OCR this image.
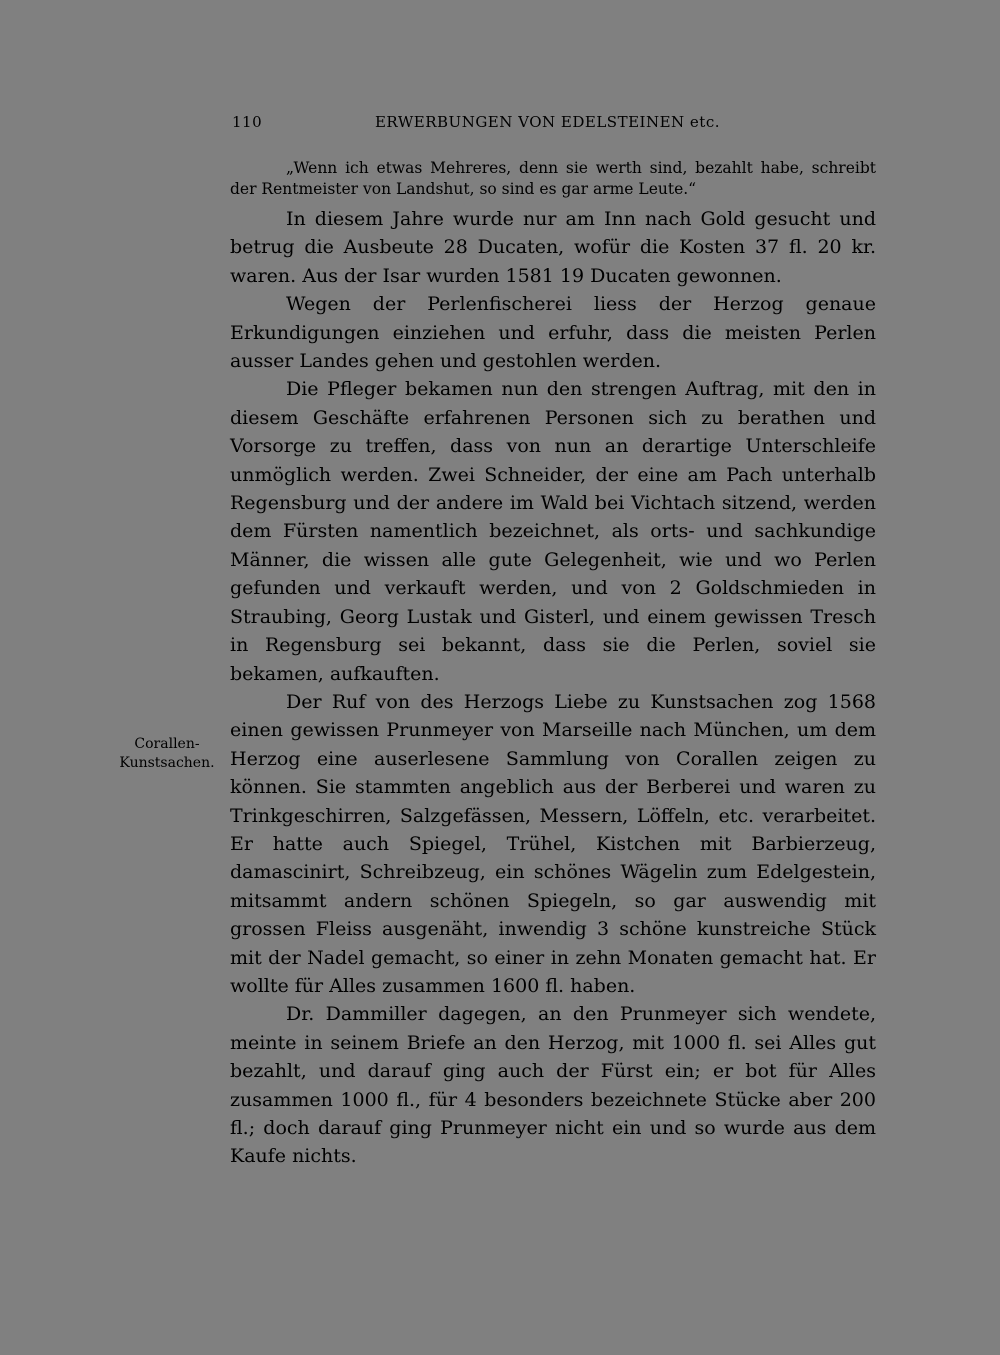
110	ERWERBUNGEN VON EDELSTEINEN etc.
Corallen-
Kunstsachen.

„Wenn ich etwas Mehreres, denn sie werth sind, bezahlt habe, schreibt der Rentmeister von Landshut, so sind es gar arme Leute.“

In diesem Jahre wurde nur am Inn nach Gold gesucht und betrug die Ausbeute 28 Ducaten, wofür die Kosten 37 fl. 20 kr. waren. Aus der Isar wurden 1581 19 Ducaten gewonnen.

Wegen der Perlenfischerei liess der Herzog genaue Erkundigungen einziehen und erfuhr, dass die meisten Perlen ausser Landes gehen und gestohlen werden.

Die Pfleger bekamen nun den strengen Auftrag, mit den in diesem Geschäfte erfahrenen Personen sich zu berathen und Vorsorge zu treffen, dass von nun an derartige Unterschleife unmöglich werden. Zwei Schneider, der eine am Pach unterhalb Regensburg und der andere im Wald bei Vichtach sitzend, werden dem Fürsten namentlich bezeichnet, als orts- und sachkundige Männer, die wissen alle gute Gelegenheit, wie und wo Perlen gefunden und verkauft werden, und von 2 Goldschmieden in Straubing, Georg Lustak und Gisterl, und einem gewissen Tresch in Regensburg sei bekannt, dass sie die Perlen, soviel sie bekamen, aufkauften.

Der Ruf von des Herzogs Liebe zu Kunstsachen zog 1568 einen gewissen Prunmeyer von Marseille nach München, um dem Herzog eine auserlesene Sammlung von Corallen zeigen zu können. Sie stammten angeblich aus der Berberei und waren zu Trinkgeschirren, Salzgefässen, Messern, Löffeln, etc. verarbeitet. Er hatte auch Spiegel, Trühel, Kistchen mit Barbierzeug, damascinirt, Schreibzeug, ein schönes Wägelin zum Edelgestein, mitsammt andern schönen Spiegeln, so gar auswendig mit grossen Fleiss ausgenäht, inwendig 3 schöne kunstreiche Stück mit der Nadel gemacht, so einer in zehn Monaten gemacht hat. Er wollte für Alles zusammen 1600 fl. haben.

Dr. Dammiller dagegen, an den Prunmeyer sich wendete, meinte in seinem Briefe an den Herzog, mit 1000 fl. sei Alles gut bezahlt, und darauf ging auch der Fürst ein; er bot für Alles zusammen 1000 fl., für 4 besonders bezeichnete Stücke aber 200 fl.; doch darauf ging Prunmeyer nicht ein und so wurde aus dem Kaufe nichts.
